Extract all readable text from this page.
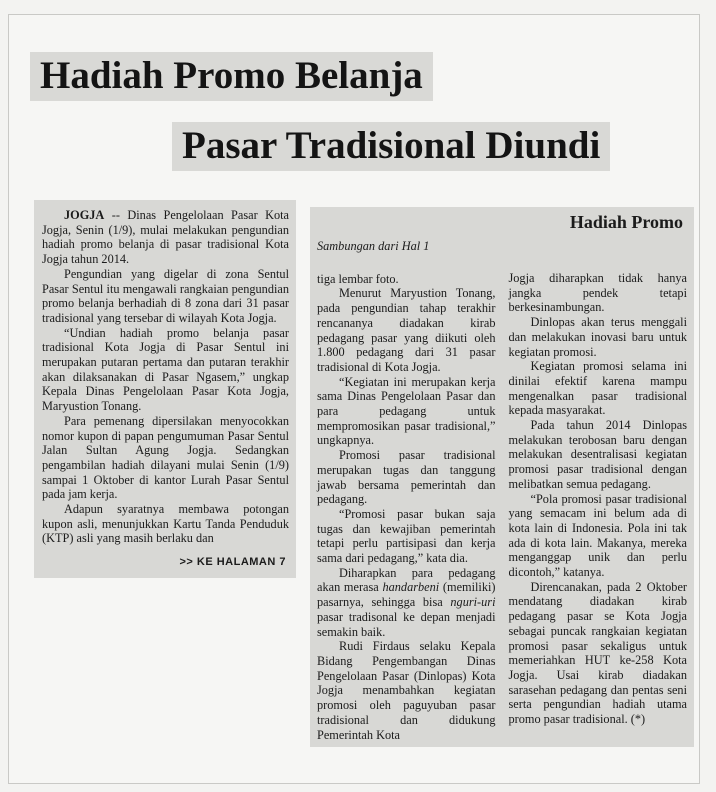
Hadiah Promo Belanja
Pasar Tradisional Diundi

JOGJA -- Dinas Pengelolaan Pasar Kota Jogja, Senin (1/9), mulai melakukan pengundian hadiah promo belanja di pasar tradisional Kota Jogja tahun 2014.

Pengundian yang digelar di zona Sentul Pasar Sentul itu mengawali rangkaian pengundian promo belanja berhadiah di 8 zona dari 31 pasar tradisional yang tersebar di wilayah Kota Jogja.

“Undian hadiah promo belanja pasar tradisional Kota Jogja di Pasar Sentul ini merupakan putaran pertama dan putaran terakhir akan dilaksanakan di Pasar Ngasem,” ungkap Kepala Dinas Pengelolaan Pasar Kota Jogja, Maryustion Tonang.

Para pemenang dipersilakan menyocokkan nomor kupon di papan pengumuman Pasar Sentul Jalan Sultan Agung Jogja. Sedangkan pengambilan hadiah dilayani mulai Senin (1/9) sampai 1 Oktober di kantor Lurah Pasar Sentul pada jam kerja.

Adapun syaratnya membawa potongan kupon asli, menunjukkan Kartu Tanda Penduduk (KTP) asli yang masih berlaku dan

>> KE HALAMAN 7
Hadiah Promo

Sambungan dari Hal 1

tiga lembar foto.

Menurut Maryustion Tonang, pada pengundian tahap terakhir rencananya diadakan kirab pedagang pasar yang diikuti oleh 1.800 pedagang dari 31 pasar tradisional di Kota Jogja.

“Kegiatan ini merupakan kerja sama Dinas Pengelolaan Pasar dan para pedagang untuk mempromosikan pasar tradisional,” ungkapnya.

Promosi pasar tradisional merupakan tugas dan tanggung jawab bersama pemerintah dan pedagang.

“Promosi pasar bukan saja tugas dan kewajiban pemerintah tetapi perlu partisipasi dan kerja sama dari pedagang,” kata dia.

Diharapkan para pedagang akan merasa handarbeni (memiliki) pasarnya, sehingga bisa nguri-uri pasar tradisonal ke depan menjadi semakin baik.

Rudi Firdaus selaku Kepala Bidang Pengembangan Dinas Pengelolaan Pasar (Dinlopas) Kota Jogja menambahkan kegiatan promosi oleh paguyuban pasar tradisional dan didukung Pemerintah Kota

Jogja diharapkan tidak hanya jangka pendek tetapi berkesinambungan.

Dinlopas akan terus menggali dan melakukan inovasi baru untuk kegiatan promosi.

Kegiatan promosi selama ini dinilai efektif karena mampu mengenalkan pasar tradisional kepada masyarakat.

Pada tahun 2014 Dinlopas melakukan terobosan baru dengan melakukan desentralisasi kegiatan promosi pasar tradisional dengan melibatkan semua pedagang.

“Pola promosi pasar tradisional yang semacam ini belum ada di kota lain di Indonesia. Pola ini tak ada di kota lain. Makanya, mereka menganggap unik dan perlu dicontoh,” katanya.

Direncanakan, pada 2 Oktober mendatang diadakan kirab pedagang pasar se Kota Jogja sebagai puncak rangkaian kegiatan promosi pasar sekaligus untuk memeriahkan HUT ke-258 Kota Jogja. Usai kirab diadakan sarasehan pedagang dan pentas seni serta pengundian hadiah utama promo pasar tradisional. (*)
